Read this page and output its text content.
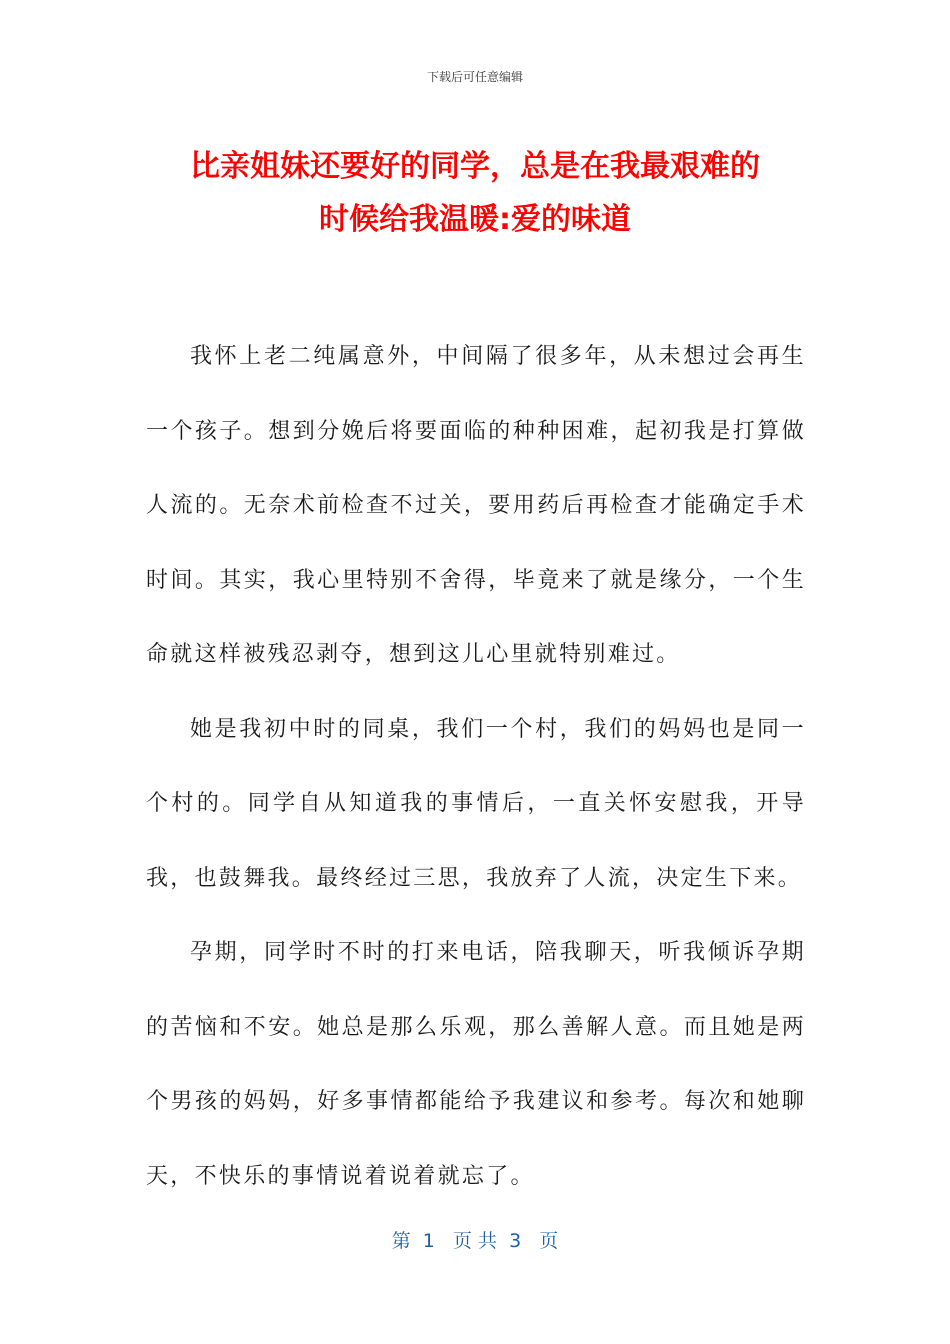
下载后可任意编辑
比亲姐妹还要好的同学，总是在我最艰难的
时候给我温暖:爱的味道

我怀上老二纯属意外，中间隔了很多年，从未想过会再生一个孩子。想到分娩后将要面临的种种困难，起初我是打算做人流的。无奈术前检查不过关，要用药后再检查才能确定手术时间。其实，我心里特别不舍得，毕竟来了就是缘分，一个生命就这样被残忍剥夺，想到这儿心里就特别难过。

她是我初中时的同桌，我们一个村，我们的妈妈也是同一个村的。同学自从知道我的事情后，一直关怀安慰我，开导我，也鼓舞我。最终经过三思，我放弃了人流，决定生下来。

孕期，同学时不时的打来电话，陪我聊天，听我倾诉孕期的苦恼和不安。她总是那么乐观，那么善解人意。而且她是两个男孩的妈妈，好多事情都能给予我建议和参考。每次和她聊天，不快乐的事情说着说着就忘了。

第  1   页 共  3   页
